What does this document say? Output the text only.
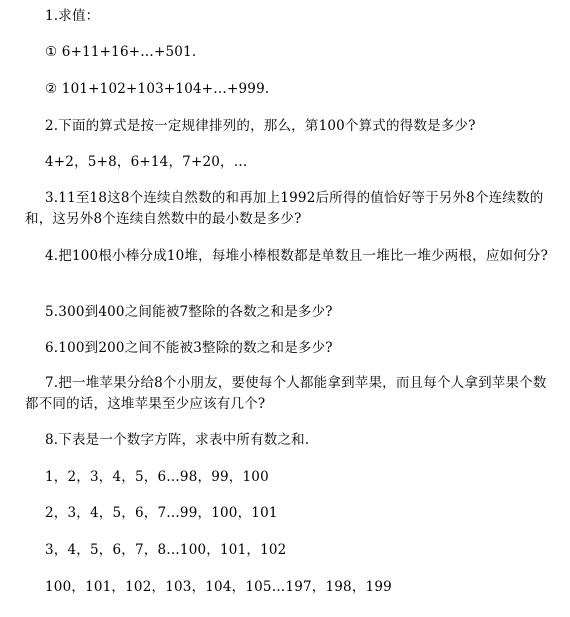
1.求值：
① 6+11+16+…+501.
② 101+102+103+104+…+999.
2.下面的算式是按一定规律排列的，那么，第100个算式的得数是多少?
4+2，5+8，6+14，7+20，…
3.11至18这8个连续自然数的和再加上1992后所得的值恰好等于另外8个连续数的和，这另外8个连续自然数中的最小数是多少?
4.把100根小棒分成10堆，每堆小棒根数都是单数且一堆比一堆少两根，应如何分?
5.300到400之间能被7整除的各数之和是多少?
6.100到200之间不能被3整除的数之和是多少?
7.把一堆苹果分给8个小朋友，要使每个人都能拿到苹果，而且每个人拿到苹果个数都不同的话，这堆苹果至少应该有几个?
8.下表是一个数字方阵，求表中所有数之和.
1，2，3，4，5，6…98，99，100
2，3，4，5，6，7…99，100，101
3，4，5，6，7，8…100，101，102
100，101，102，103，104，105…197，198，199
